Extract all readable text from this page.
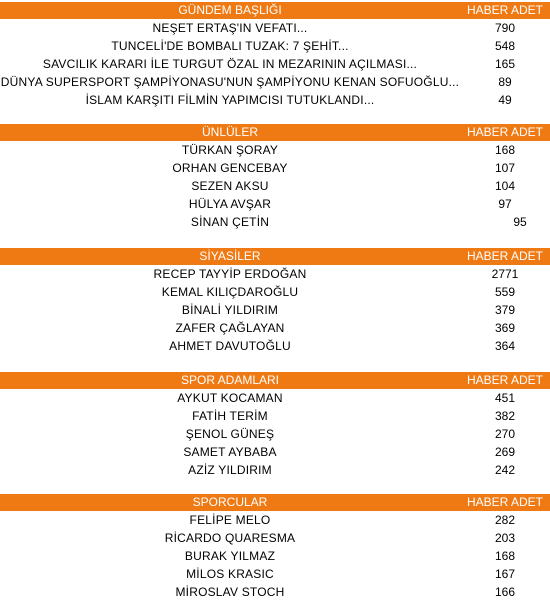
GÜNDEM BAŞLIĞI	HABER ADET
NEŞET ERTAŞ'IN VEFATI...	790
TUNCELİ'DE BOMBALI TUZAK: 7 ŞEHİT...	548
SAVCILIK KARARI İLE TURGUT ÖZAL IN MEZARININ AÇILMASI...	165
DÜNYA SUPERSPORT ŞAMPİYONASU'NUN ŞAMPİYONU KENAN SOFUOĞLU...	89
İSLAM KARŞITI FİLMİN YAPIMCISI TUTUKLANDI...	49
ÜNLÜLER	HABER ADET
TÜRKAN ŞORAY	168
ORHAN GENCEBAY	107
SEZEN AKSU	104
HÜLYA AVŞAR	97
SİNAN ÇETİN	95
SİYASİLER	HABER ADET
RECEP TAYYİP ERDOĞAN	2771
KEMAL KILIÇDAROĞLU	559
BİNALİ YILDIRIM	379
ZAFER ÇAĞLAYAN	369
AHMET DAVUTOĞLU	364
SPOR ADAMLARI	HABER ADET
AYKUT KOCAMAN	451
FATİH TERİM	382
ŞENOL GÜNEŞ	270
SAMET AYBABA	269
AZİZ YILDIRIM	242
SPORCULAR	HABER ADET
FELİPE MELO	282
RİCARDO QUARESMA	203
BURAK YILMAZ	168
MİLOS KRASIC	167
MİROSLAV STOCH	166
